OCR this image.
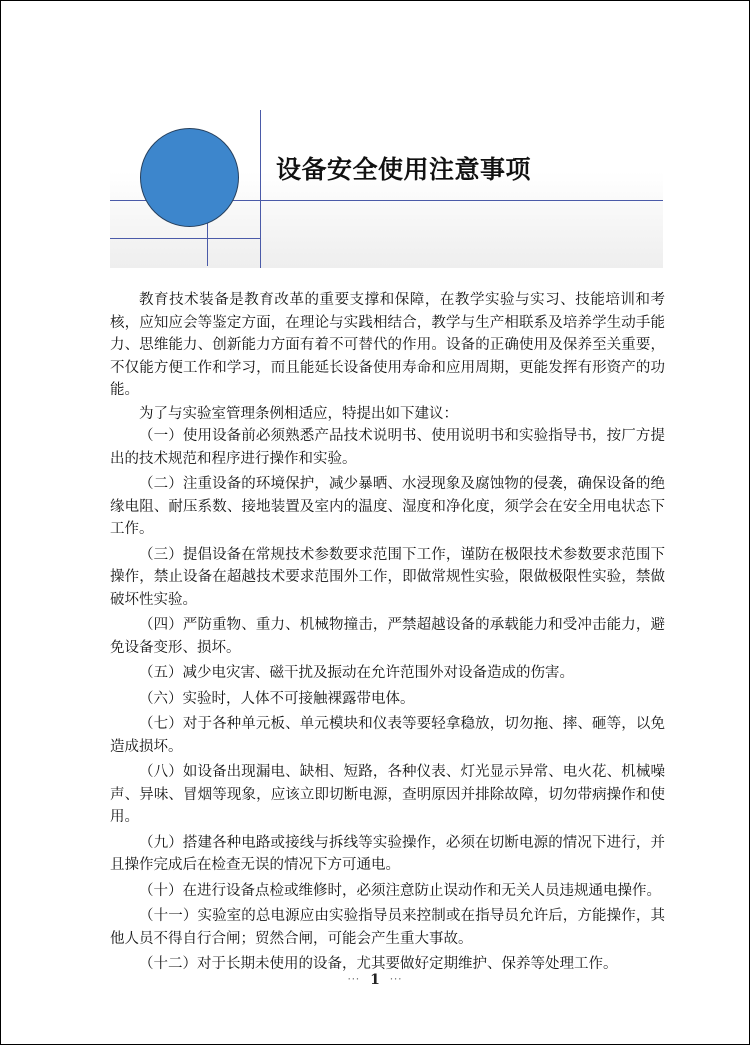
设备安全使用注意事项

教育技术装备是教育改革的重要支撑和保障，在教学实验与实习、技能培训和考核，应知应会等鉴定方面，在理论与实践相结合，教学与生产相联系及培养学生动手能力、思维能力、创新能力方面有着不可替代的作用。设备的正确使用及保养至关重要，不仅能方便工作和学习，而且能延长设备使用寿命和应用周期，更能发挥有形资产的功能。

为了与实验室管理条例相适应，特提出如下建议：

（一）使用设备前必须熟悉产品技术说明书、使用说明书和实验指导书，按厂方提出的技术规范和程序进行操作和实验。

（二）注重设备的环境保护，减少暴晒、水浸现象及腐蚀物的侵袭，确保设备的绝缘电阻、耐压系数、接地装置及室内的温度、湿度和净化度，须学会在安全用电状态下工作。

（三）提倡设备在常规技术参数要求范围下工作，谨防在极限技术参数要求范围下操作，禁止设备在超越技术要求范围外工作，即做常规性实验，限做极限性实验，禁做破坏性实验。

（四）严防重物、重力、机械物撞击，严禁超越设备的承载能力和受冲击能力，避免设备变形、损坏。

（五）减少电灾害、磁干扰及振动在允许范围外对设备造成的伤害。

（六）实验时，人体不可接触裸露带电体。

（七）对于各种单元板、单元模块和仪表等要轻拿稳放，切勿拖、摔、砸等，以免造成损坏。

（八）如设备出现漏电、缺相、短路，各种仪表、灯光显示异常、电火花、机械噪声、异味、冒烟等现象，应该立即切断电源，查明原因并排除故障，切勿带病操作和使用。

（九）搭建各种电路或接线与拆线等实验操作，必须在切断电源的情况下进行，并且操作完成后在检查无误的情况下方可通电。

（十）在进行设备点检或维修时，必须注意防止误动作和无关人员违规通电操作。

（十一）实验室的总电源应由实验指导员来控制或在指导员允许后，方能操作，其他人员不得自行合闸；贸然合闸，可能会产生重大事故。

（十二）对于长期未使用的设备，尤其要做好定期维护、保养等处理工作。

··· 1 ···
